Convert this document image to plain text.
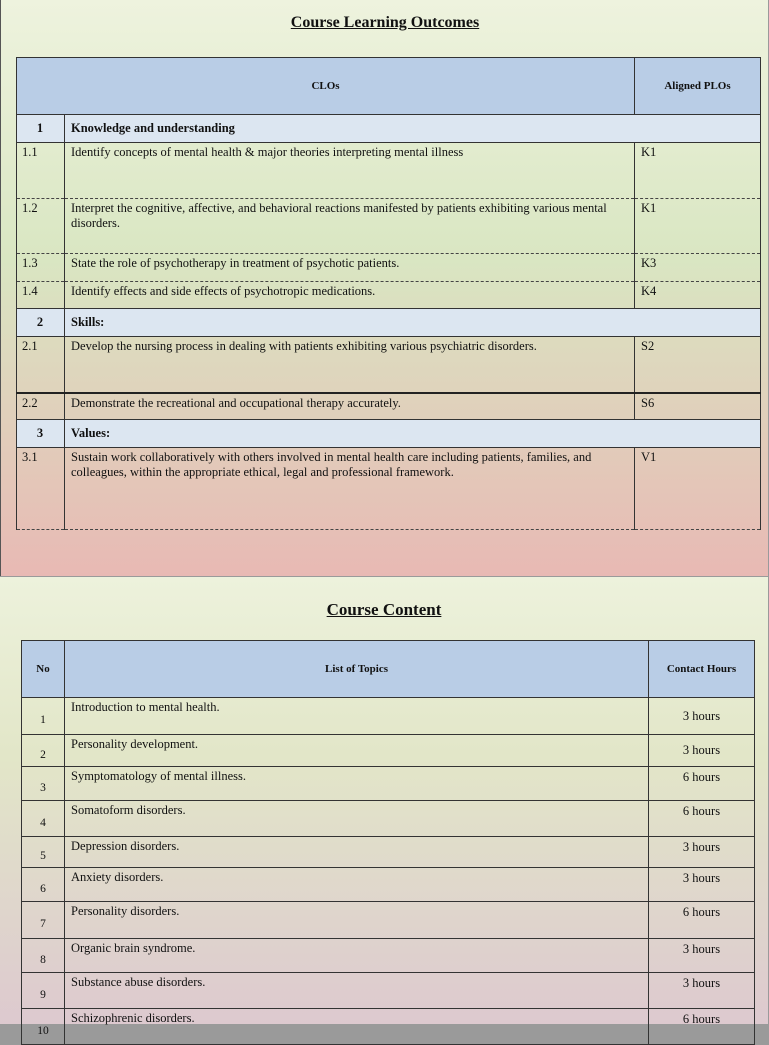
Course Learning Outcomes
CLOs		Aligned PLOs
1	Knowledge and understanding	
1.1	Identify concepts of mental health & major theories interpreting mental illness	K1
1.2	Interpret the cognitive, affective, and behavioral reactions manifested by patients exhibiting various mental disorders.	K1
1.3	State the role of psychotherapy in treatment of psychotic patients.	K3
1.4	Identify effects and side effects of psychotropic medications.	K4
2	Skills:	
2.1	Develop the nursing process in dealing with patients exhibiting various psychiatric disorders.	S2
2.2	Demonstrate the recreational and occupational therapy accurately.	S6
3	Values:	
3.1	Sustain work collaboratively with others involved in mental health care including patients, families, and colleagues, within the appropriate ethical, legal and professional framework.	V1
Course Content
No	List of Topics	Contact Hours
1	Introduction to mental health.	3 hours
2	Personality development.	3 hours
3	Symptomatology of mental illness.	6 hours
4	Somatoform disorders.	6 hours
5	Depression disorders.	3 hours
6	Anxiety disorders.	3 hours
7	Personality disorders.	6 hours
8	Organic brain syndrome.	3 hours
9	Substance abuse disorders.	3 hours
10	Schizophrenic disorders.	6 hours
